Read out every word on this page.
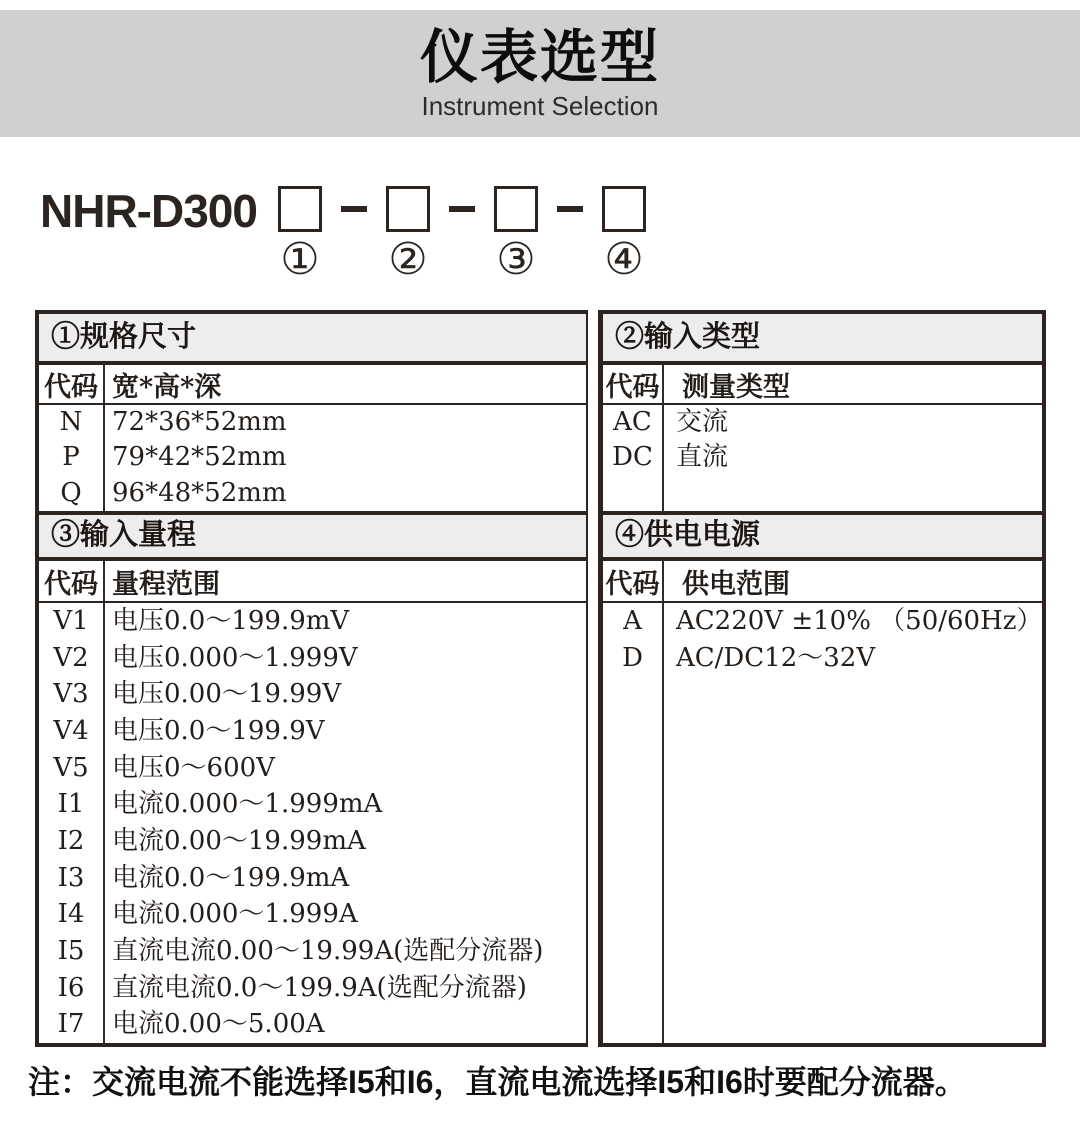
仪表选型
Instrument Selection
NHR-D300
① ② ③ ④
①规格尺寸
代码 宽*高*深
N
P
Q
72*36*52mm
79*42*52mm
96*48*52mm
③输入量程
代码 量程范围
V1
V2
V3
V4
V5
I1
I2
I3
I4
I5
I6
I7
电压0.0～199.9mV
电压0.000～1.999V
电压0.00～19.99V
电压0.0～199.9V
电压0～600V
电流0.000～1.999mA
电流0.00～19.99mA
电流0.0～199.9mA
电流0.000～1.999A
直流电流0.00～19.99A(选配分流器)
直流电流0.0～199.9A(选配分流器)
电流0.00～5.00A
②输入类型
代码 测量类型
AC
DC
交流
直流
④供电电源
代码 供电范围
A
D
AC220V ±10% （50/60Hz）
AC/DC12～32V
注：交流电流不能选择I5和I6，直流电流选择I5和I6时要配分流器。
